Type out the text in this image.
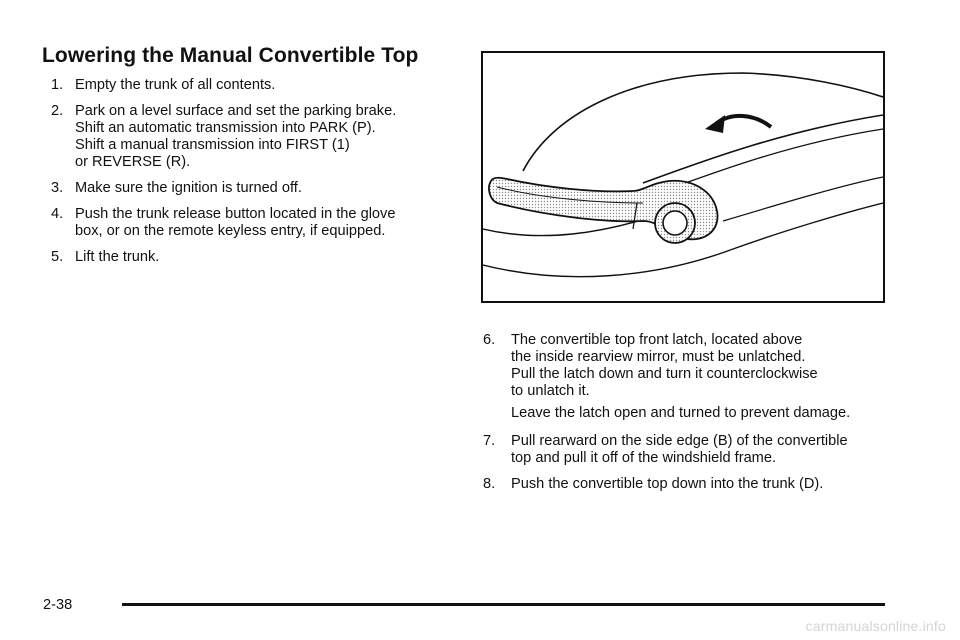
Lowering the Manual Convertible Top
1. Empty the trunk of all contents.
2. Park on a level surface and set the parking brake.
Shift an automatic transmission into PARK (P).
Shift a manual transmission into FIRST (1)
or REVERSE (R).
3. Make sure the ignition is turned off.
4. Push the trunk release button located in the glove
box, or on the remote keyless entry, if equipped.
5. Lift the trunk.
6.	The convertible top front latch, located above
the inside rearview mirror, must be unlatched.
Pull the latch down and turn it counterclockwise
to unlatch it.

Leave the latch open and turned to prevent damage.

7.	Pull rearward on the side edge (B) of the convertible
top and pull it off of the windshield frame.
8.	Push the convertible top down into the trunk (D).
2-38
carmanualsonline.info
